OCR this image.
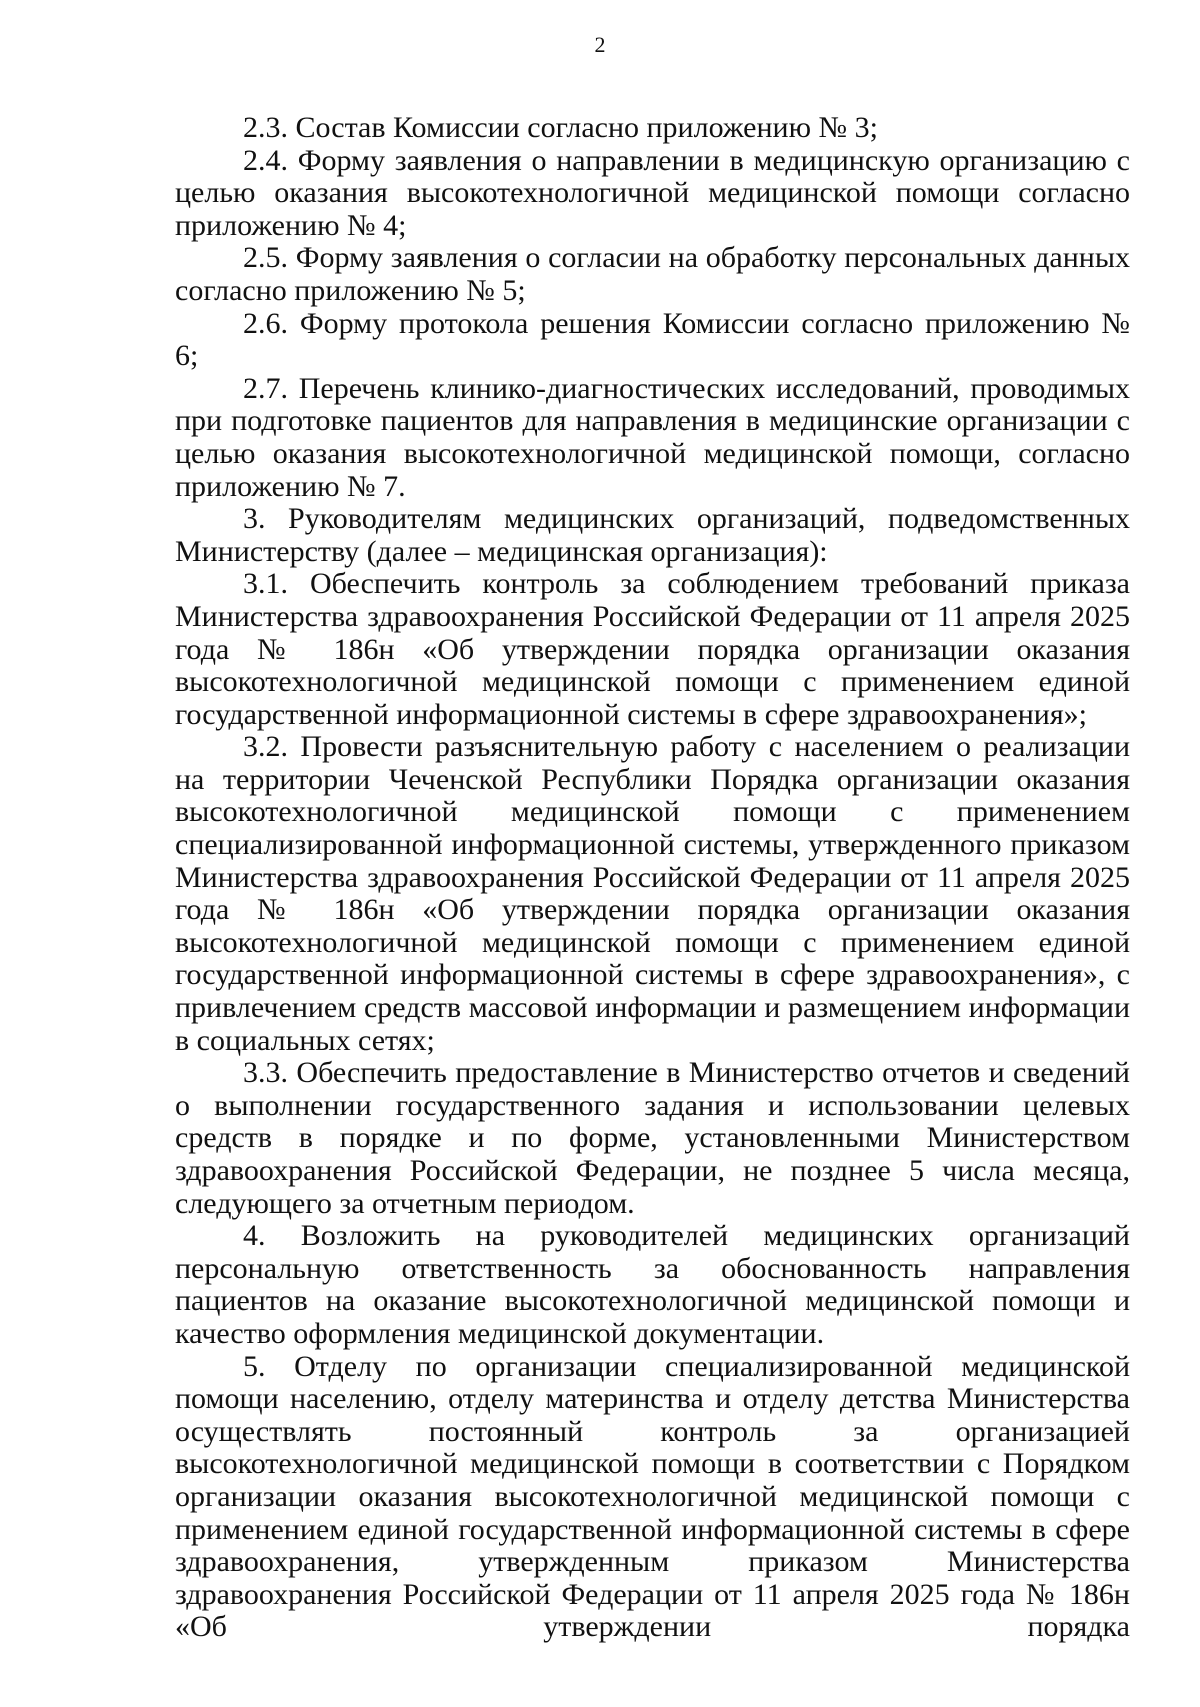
2

2.3. Состав Комиссии согласно приложению № 3;

2.4. Форму заявления о направлении в медицинскую организацию с целью оказания высокотехнологичной медицинской помощи согласно приложению № 4;

2.5. Форму заявления о согласии на обработку персональных данных согласно приложению № 5;

2.6. Форму протокола решения Комиссии согласно приложению № 6;

2.7. Перечень клинико-диагностических исследований, проводимых при подготовке пациентов для направления в медицинские организации с целью оказания высокотехнологичной медицинской помощи, согласно приложению № 7.

3. Руководителям медицинских организаций, подведомственных Министерству (далее – медицинская организация):

3.1. Обеспечить контроль за соблюдением требований приказа Министерства здравоохранения Российской Федерации от 11 апреля 2025 года № 186н «Об утверждении порядка организации оказания высокотехнологичной медицинской помощи с применением единой государственной информационной системы в сфере здравоохранения»;

3.2. Провести разъяснительную работу с населением о реализации на территории Чеченской Республики Порядка организации оказания высокотехнологичной медицинской помощи с применением специализированной информационной системы, утвержденного приказом Министерства здравоохранения Российской Федерации от 11 апреля 2025 года № 186н «Об утверждении порядка организации оказания высокотехнологичной медицинской помощи с применением единой государственной информационной системы в сфере здравоохранения», с привлечением средств массовой информации и размещением информации в социальных сетях;

3.3. Обеспечить предоставление в Министерство отчетов и сведений о выполнении государственного задания и использовании целевых средств в порядке и по форме, установленными Министерством здравоохранения Российской Федерации, не позднее 5 числа месяца, следующего за отчетным периодом.

4. Возложить на руководителей медицинских организаций персональную ответственность за обоснованность направления пациентов на оказание высокотехнологичной медицинской помощи и качество оформления медицинской документации.

5. Отделу по организации специализированной медицинской помощи населению, отделу материнства и отделу детства Министерства осуществлять постоянный контроль за организацией высокотехнологичной медицинской помощи в соответствии с Порядком организации оказания высокотехнологичной медицинской помощи с применением единой государственной информационной системы в сфере здравоохранения, утвержденным приказом Министерства здравоохранения Российской Федерации от 11 апреля 2025 года № 186н «Об утверждении порядка
